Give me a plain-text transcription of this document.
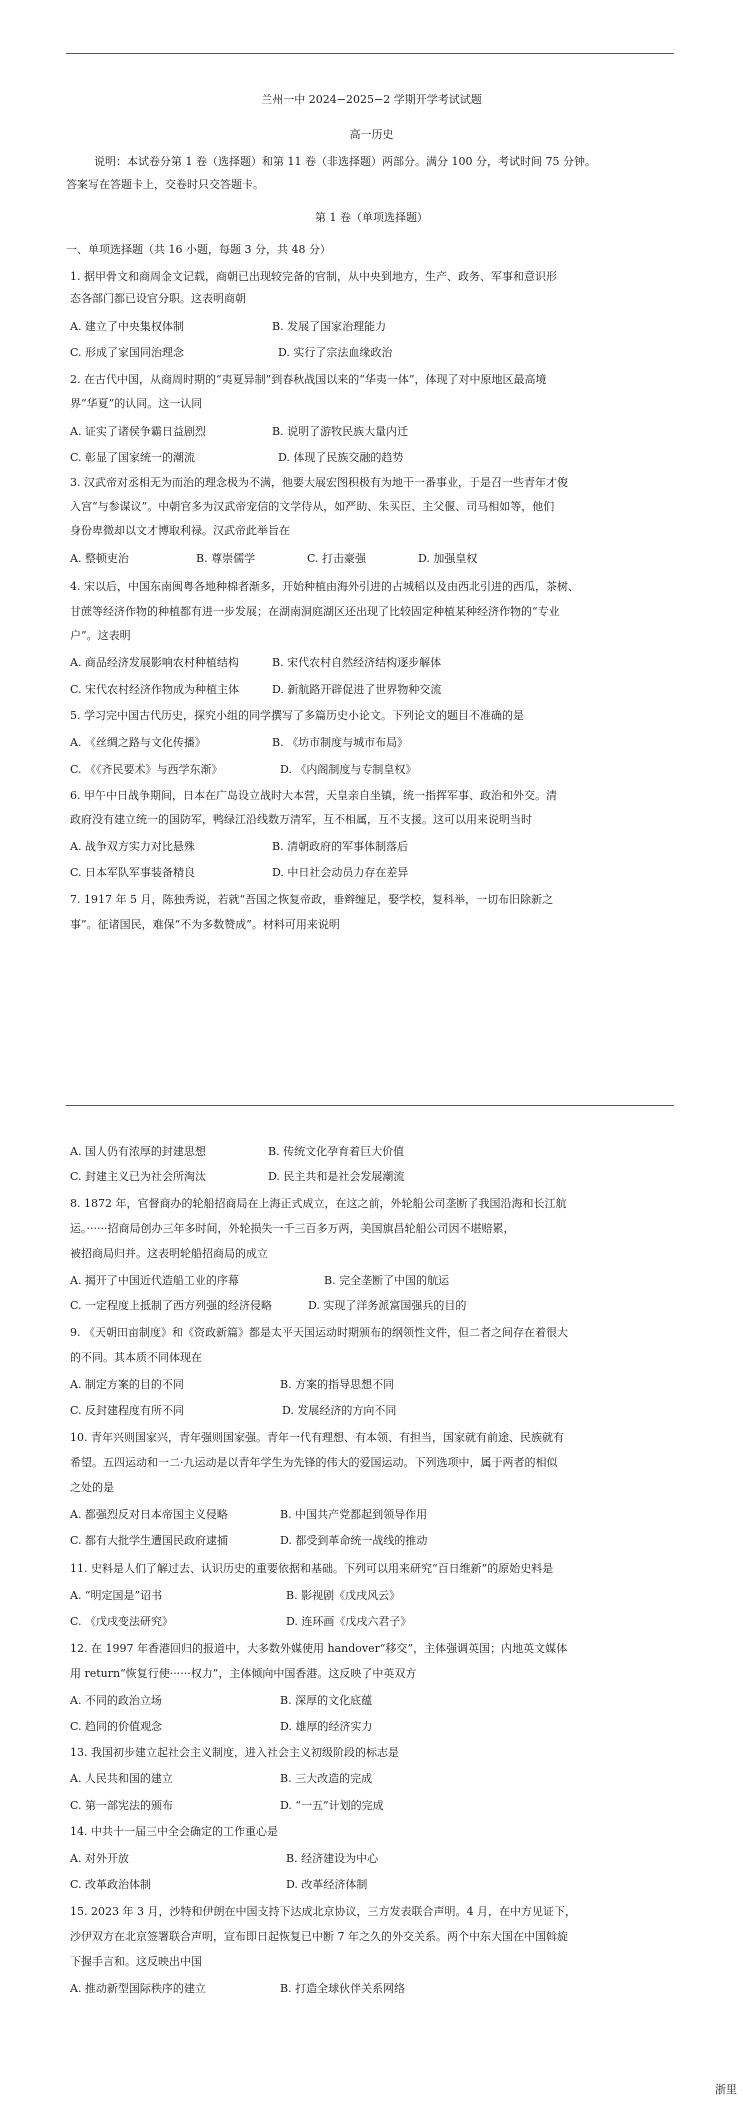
兰州一中 2024−2025−2 学期开学考试试题
高一历史
说明：本试卷分第 1 卷（选择题）和第 11 卷（非选择题）两部分。满分 100 分，考试时间 75 分钟。
答案写在答题卡上，交卷时只交答题卡。
第 1 卷（单项选择题）
一、单项选择题（共 16 小题，每题 3 分，共 48 分）
1. 据甲骨文和商周金文记载，商朝已出现较完备的官制，从中央到地方，生产、政务、军事和意识形
态各部门都已设官分职。这表明商朝
A. 建立了中央集权体制	B. 发展了国家治理能力
C. 形成了家国同治理念	D. 实行了宗法血缘政治
2. 在古代中国，从商周时期的“夷夏异制”到春秋战国以来的“华夷一体”，体现了对中原地区最高境
界“华夏”的认同。这一认同
A. 证实了诸侯争霸日益剧烈	B. 说明了游牧民族大量内迁
C. 彰显了国家统一的潮流	D. 体现了民族交融的趋势
3. 汉武帝对丞相无为而治的理念极为不满，他要大展宏图积极有为地干一番事业，于是召一些青年才俊
入宫“与参谋议”。中朝官多为汉武帝宠信的文学侍从，如严助、朱买臣、主父偃、司马相如等，他们
身份卑微却以文才博取利禄。汉武帝此举旨在
A. 整顿吏治	B. 尊崇儒学	C. 打击豪强	D. 加强皇权
4. 宋以后，中国东南闽粤各地种棉者渐多，开始种植由海外引进的占城稻以及由西北引进的西瓜，茶树、
甘蔗等经济作物的种植都有进一步发展；在湖南洞庭湖区还出现了比较固定种植某种经济作物的“专业
户”。这表明
A. 商品经济发展影响农村种植结构	B. 宋代农村自然经济结构逐步解体
C. 宋代农村经济作物成为种植主体	D. 新航路开辟促进了世界物种交流
5. 学习完中国古代历史，探究小组的同学撰写了多篇历史小论文。下列论文的题目不准确的是
A. 《丝绸之路与文化传播》	B. 《坊市制度与城市布局》
C. 《《齐民要术》与西学东渐》	D. 《内阁制度与专制皇权》
6. 甲午中日战争期间，日本在广岛设立战时大本营，天皇亲自坐镇，统一指挥军事、政治和外交。清
政府没有建立统一的国防军，鸭绿江沿线数万清军，互不相属，互不支援。这可以用来说明当时
A. 战争双方实力对比悬殊	B. 清朝政府的军事体制落后
C. 日本军队军事装备精良	D. 中日社会动员力存在差异
7. 1917 年 5 月，陈独秀说，若就“吾国之恢复帝政，垂辫缠足，娶学校，复科举，一切布旧除新之
事”。征诸国民，难保“不为多数赞成”。材料可用来说明
A. 国人仍有浓厚的封建思想	B. 传统文化孕育着巨大价值
C. 封建主义已为社会所淘汰	D. 民主共和是社会发展潮流
8. 1872 年，官督商办的轮船招商局在上海正式成立，在这之前，外轮船公司垄断了我国沿海和长江航
运。······招商局创办三年多时间，外轮损失一千三百多万两，美国旗昌轮船公司因不堪赔累，
被招商局归并。这表明轮船招商局的成立
A. 揭开了中国近代造船工业的序幕	B. 完全垄断了中国的航运
C. 一定程度上抵制了西方列强的经济侵略	D. 实现了洋务派富国强兵的目的
9. 《天朝田亩制度》和《资政新篇》都是太平天国运动时期颁布的纲领性文件，但二者之间存在着很大
的不同。其本质不同体现在
A. 制定方案的目的不同	B. 方案的指导思想不同
C. 反封建程度有所不同	D. 发展经济的方向不同
10. 青年兴则国家兴，青年强则国家强。青年一代有理想、有本领、有担当，国家就有前途、民族就有
希望。五四运动和一二·九运动是以青年学生为先锋的伟大的爱国运动。下列选项中，属于两者的相似
之处的是
A. 都强烈反对日本帝国主义侵略	B. 中国共产党都起到领导作用
C. 都有大批学生遭国民政府逮捕	D. 都受到革命统一战线的推动
11. 史料是人们了解过去、认识历史的重要依据和基础。下列可以用来研究“百日维新”的原始史料是
A. “明定国是”诏书	B. 影视剧《戊戌风云》
C. 《戊戌变法研究》	D. 连环画《戊戌六君子》
12. 在 1997 年香港回归的报道中，大多数外媒使用 handover“移交”，主体强调英国；内地英文媒体
用 return“恢复行使······权力”，主体倾向中国香港。这反映了中英双方
A. 不同的政治立场	B. 深厚的文化底蕴
C. 趋同的价值观念	D. 雄厚的经济实力
13. 我国初步建立起社会主义制度，进入社会主义初级阶段的标志是
A. 人民共和国的建立	B. 三大改造的完成
C. 第一部宪法的颁布	D. “一五”计划的完成
14. 中共十一届三中全会确定的工作重心是
A. 对外开放	B. 经济建设为中心
C. 改革政治体制	D. 改革经济体制
15. 2023 年 3 月，沙特和伊朗在中国支持下达成北京协议，三方发表联合声明。4 月，在中方见证下，
沙伊双方在北京签署联合声明，宣布即日起恢复已中断 7 年之久的外交关系。两个中东大国在中国斡旋
下握手言和。这反映出中国
A. 推动新型国际秩序的建立	B. 打造全球伙伴关系网络
浙里
